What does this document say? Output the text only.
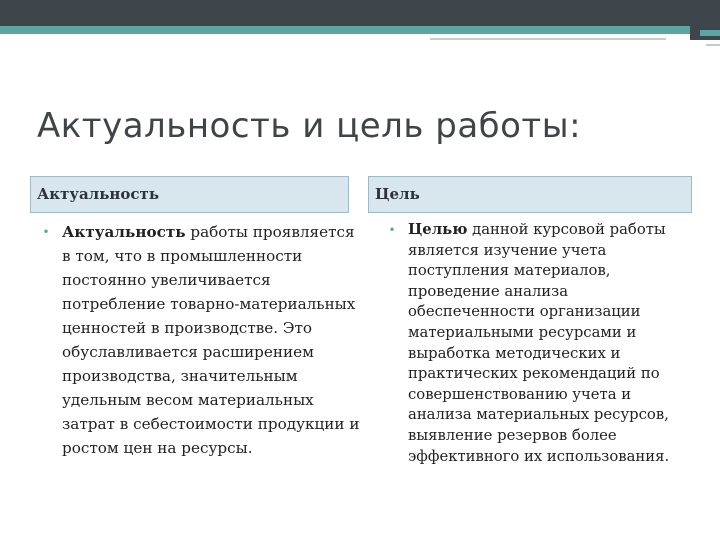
Актуальность и цель работы:
Актуальность	Цель
• Актуальность работы проявляется в том, что в промышленности постоянно увеличивается потребление товарно-материальных ценностей в производстве. Это обуславливается расширением производства, значительным удельным весом материальных затрат в себестоимости продукции и ростом цен на ресурсы.
• Целью данной курсовой работы является изучение учета поступления материалов, проведение анализа обеспеченности организации материальными ресурсами и выработка методических и практических рекомендаций по совершенствованию учета и анализа материальных ресурсов, выявление резервов более эффективного их использования.
